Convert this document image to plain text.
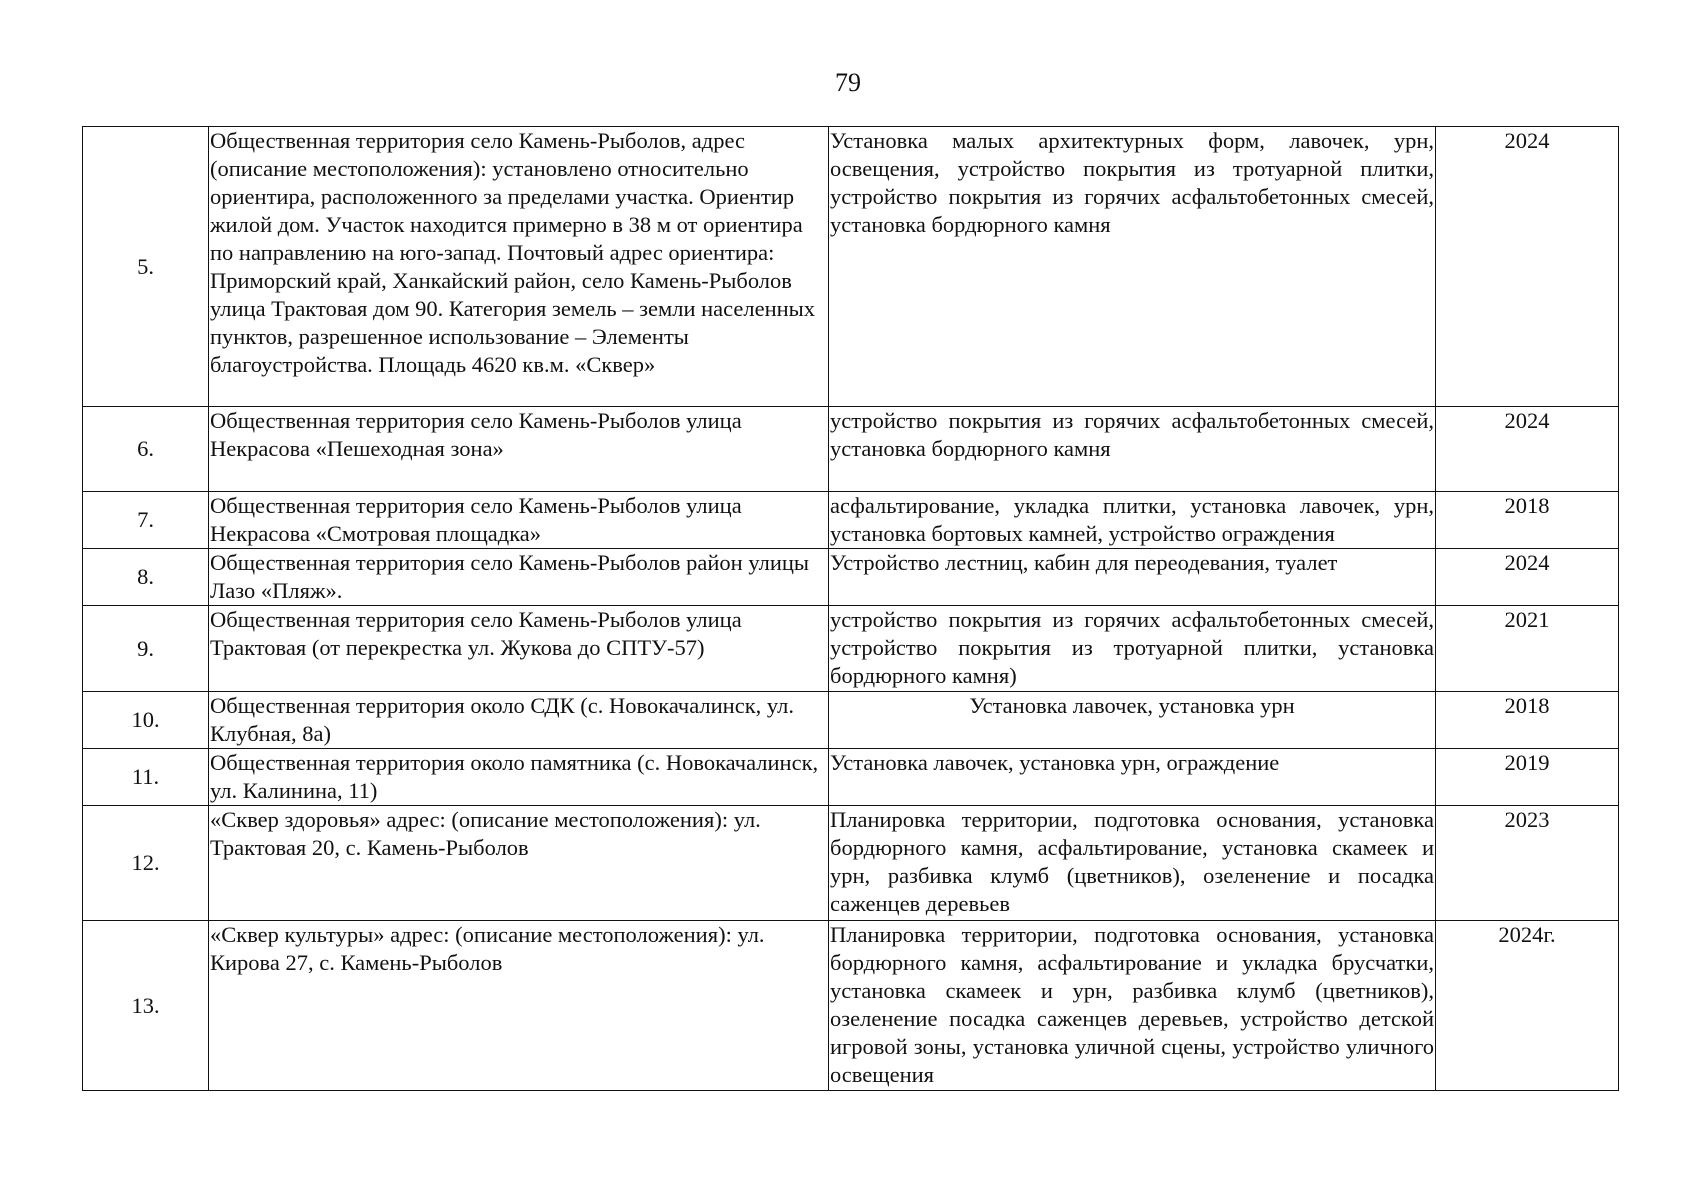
79
5.	Общественная территория село Камень-Рыболов, адрес (описание местоположения): установлено относительно ориентира, расположенного за пределами участка. Ориентир жилой дом. Участок находится примерно в 38 м от ориентира по направлению на юго-запад. Почтовый адрес ориентира: Приморский край, Ханкайский район, село Камень-Рыболов улица Трактовая дом 90. Категория земель – земли населенных пунктов, разрешенное использование – Элементы благоустройства. Площадь 4620 кв.м. «Сквер»	Установка малых архитектурных форм, лавочек, урн, освещения, устройство покрытия из тротуарной плитки, устройство покрытия из горячих асфальтобетонных смесей, установка бордюрного камня	2024
6.	Общественная территория село Камень-Рыболов улица Некрасова «Пешеходная зона»	устройство покрытия из горячих асфальтобетонных смесей, установка бордюрного камня	2024
7.	Общественная территория село Камень-Рыболов улица Некрасова «Смотровая площадка»	асфальтирование, укладка плитки, установка лавочек, урн, установка бортовых камней, устройство ограждения	2018
8.	Общественная территория село Камень-Рыболов район улицы Лазо «Пляж».	Устройство лестниц, кабин для переодевания, туалет	2024
9.	Общественная территория село Камень-Рыболов улица Трактовая (от перекрестка ул. Жукова до СПТУ-57)	устройство покрытия из горячих асфальтобетонных смесей, устройство покрытия из тротуарной плитки, установка бордюрного камня)	2021
10.	Общественная территория около СДК (с. Новокачалинск, ул. Клубная, 8а)	Установка лавочек, установка урн	2018
11.	Общественная территория около памятника (с. Новокачалинск, ул. Калинина, 11)	Установка лавочек, установка урн, ограждение	2019
12.	«Сквер здоровья» адрес: (описание местоположения): ул. Трактовая 20, с. Камень-Рыболов	Планировка территории, подготовка основания, установка бордюрного камня, асфальтирование, установка скамеек и урн, разбивка клумб (цветников), озеленение и посадка саженцев деревьев	2023
13.	«Сквер культуры» адрес: (описание местоположения): ул. Кирова 27, с. Камень-Рыболов	Планировка территории, подготовка основания, установка бордюрного камня, асфальтирование и укладка брусчатки, установка скамеек и урн, разбивка клумб (цветников), озеленение посадка саженцев деревьев, устройство детской игровой зоны, установка уличной сцены, устройство уличного освещения	2024г.
